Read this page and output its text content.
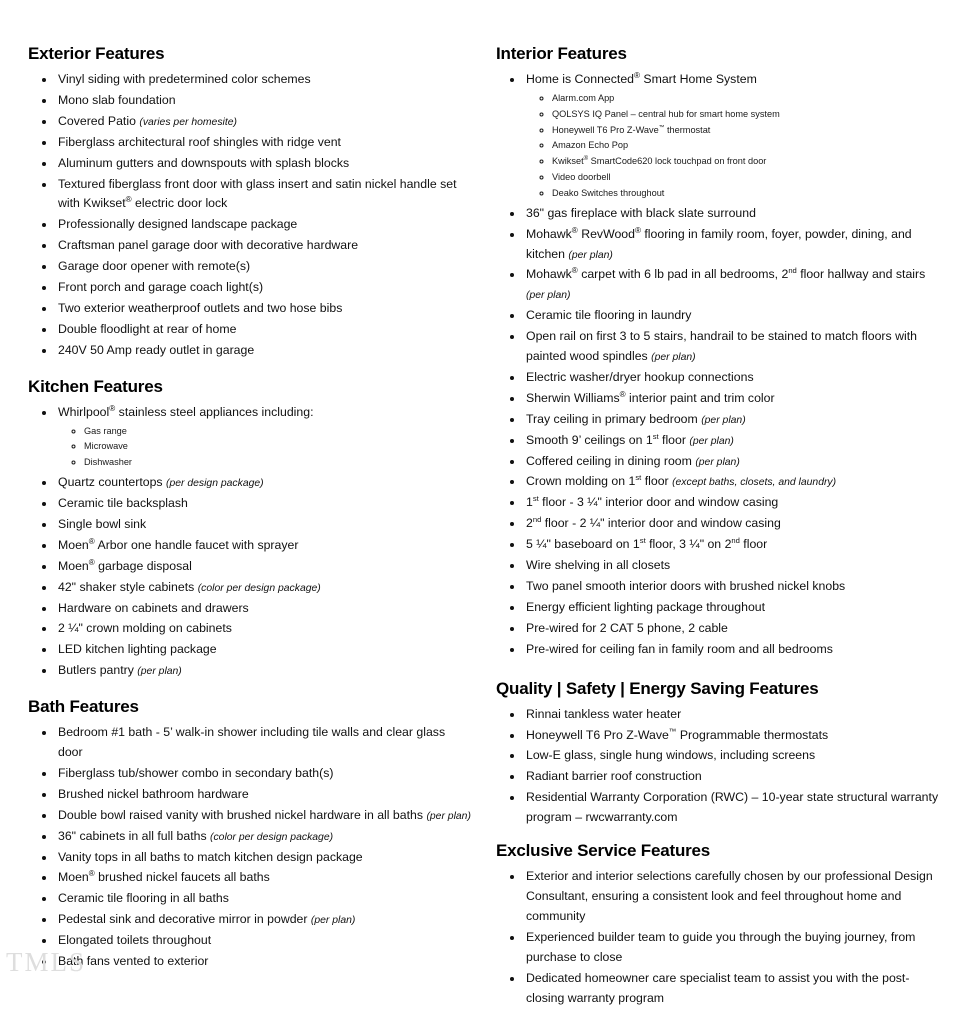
Exterior Features
• Vinyl siding with predetermined color schemes
• Mono slab foundation
• Covered Patio (varies per homesite)
• Fiberglass architectural roof shingles with ridge vent
• Aluminum gutters and downspouts with splash blocks
• Textured fiberglass front door with glass insert and satin nickel handle set with Kwikset® electric door lock
• Professionally designed landscape package
• Craftsman panel garage door with decorative hardware
• Garage door opener with remote(s)
• Front porch and garage coach light(s)
• Two exterior weatherproof outlets and two hose bibs
• Double floodlight at rear of home
• 240V 50 Amp ready outlet in garage
Kitchen Features
• Whirlpool® stainless steel appliances including:
◦ Gas range
◦ Microwave
◦ Dishwasher
• Quartz countertops (per design package)
• Ceramic tile backsplash
• Single bowl sink
• Moen® Arbor one handle faucet with sprayer
• Moen® garbage disposal
• 42" shaker style cabinets (color per design package)
• Hardware on cabinets and drawers
• 2 ¼" crown molding on cabinets
• LED kitchen lighting package
• Butlers pantry (per plan)
Bath Features
• Bedroom #1 bath - 5’ walk-in shower including tile walls and clear glass door
• Fiberglass tub/shower combo in secondary bath(s)
• Brushed nickel bathroom hardware
• Double bowl raised vanity with brushed nickel hardware in all baths (per plan)
• 36" cabinets in all full baths (color per design package)
• Vanity tops in all baths to match kitchen design package
• Moen® brushed nickel faucets all baths
• Ceramic tile flooring in all baths
• Pedestal sink and decorative mirror in powder (per plan)
• Elongated toilets throughout
• Bath fans vented to exterior
Interior Features
• Home is Connected® Smart Home System
◦ Alarm.com App
◦ QOLSYS IQ Panel – central hub for smart home system
◦ Honeywell T6 Pro Z-Wave™ thermostat
◦ Amazon Echo Pop
◦ Kwikset® SmartCode620 lock touchpad on front door
◦ Video doorbell
◦ Deako Switches throughout
• 36" gas fireplace with black slate surround
• Mohawk® RevWood® flooring in family room, foyer, powder, dining, and kitchen (per plan)
• Mohawk® carpet with 6 lb pad in all bedrooms, 2nd floor hallway and stairs (per plan)
• Ceramic tile flooring in laundry
• Open rail on first 3 to 5 stairs, handrail to be stained to match floors with painted wood spindles (per plan)
• Electric washer/dryer hookup connections
• Sherwin Williams® interior paint and trim color
• Tray ceiling in primary bedroom (per plan)
• Smooth 9’ ceilings on 1st floor (per plan)
• Coffered ceiling in dining room (per plan)
• Crown molding on 1st floor (except baths, closets, and laundry)
• 1st floor - 3 ¼" interior door and window casing
• 2nd floor - 2 ¼" interior door and window casing
• 5 ¼" baseboard on 1st floor, 3 ¼" on 2nd floor
• Wire shelving in all closets
• Two panel smooth interior doors with brushed nickel knobs
• Energy efficient lighting package throughout
• Pre-wired for 2 CAT 5 phone, 2 cable
• Pre-wired for ceiling fan in family room and all bedrooms
Quality | Safety | Energy Saving Features
• Rinnai tankless water heater
• Honeywell T6 Pro Z-Wave™ Programmable thermostats
• Low-E glass, single hung windows, including screens
• Radiant barrier roof construction
• Residential Warranty Corporation (RWC) – 10-year state structural warranty program – rwcwarranty.com
Exclusive Service Features
• Exterior and interior selections carefully chosen by our professional Design Consultant, ensuring a consistent look and feel throughout home and community
• Experienced builder team to guide you through the buying journey, from purchase to close
• Dedicated homeowner care specialist team to assist you with the post-closing warranty program
TMLS
